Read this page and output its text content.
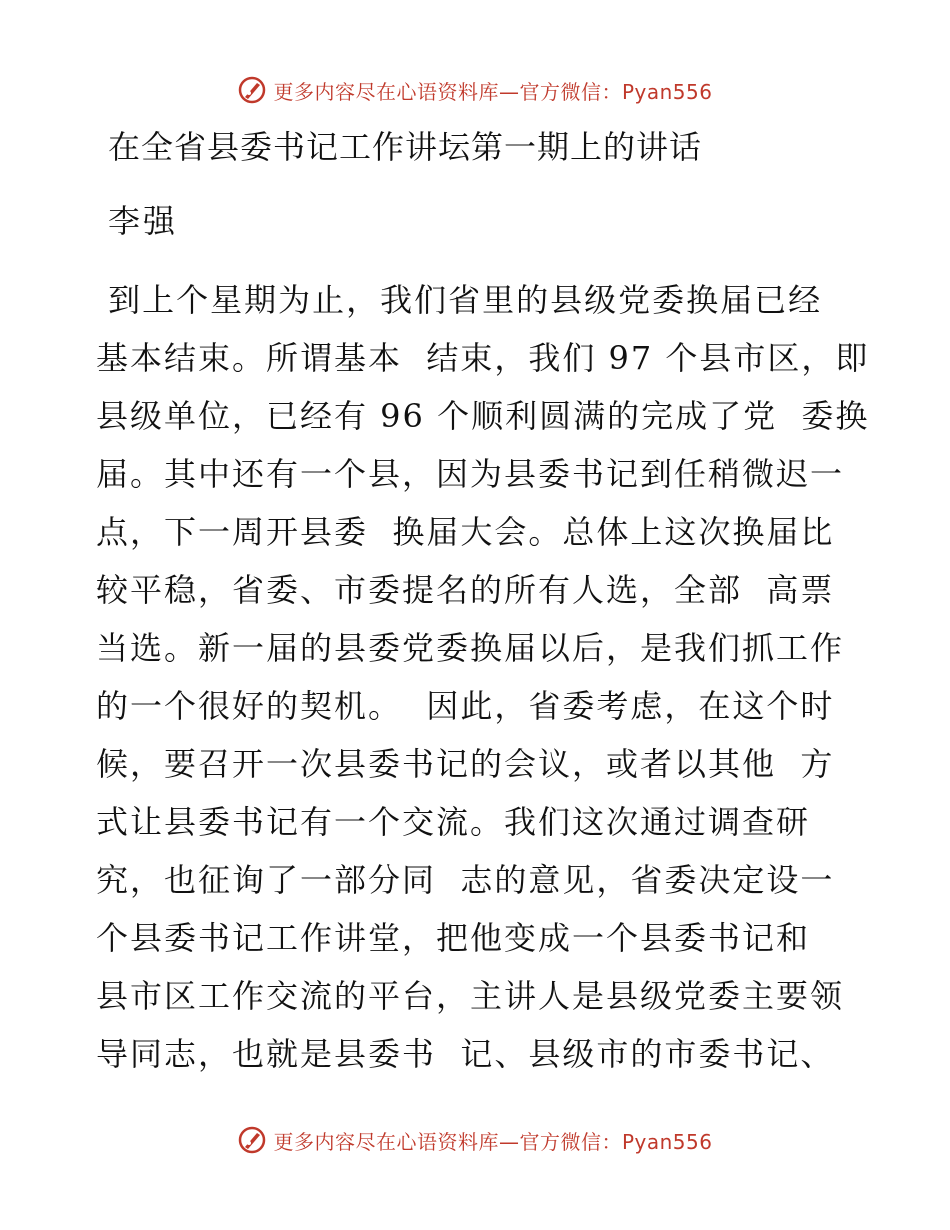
更多内容尽在心语资料库—官方微信：Pyan556
在全省县委书记工作讲坛第一期上的讲话
李强
到上个星期为止，我们省里的县级党委换届已经
基本结束。所谓基本  结束，我们 97 个县市区，即
县级单位，已经有 96 个顺利圆满的完成了党  委换
届。其中还有一个县，因为县委书记到任稍微迟一
点，下一周开县委  换届大会。总体上这次换届比
较平稳，省委、市委提名的所有人选，全部  高票
当选。新一届的县委党委换届以后，是我们抓工作
的一个很好的契机。  因此，省委考虑，在这个时
候，要召开一次县委书记的会议，或者以其他  方
式让县委书记有一个交流。我们这次通过调查研
究，也征询了一部分同  志的意见，省委决定设一
个县委书记工作讲堂，把他变成一个县委书记和
县市区工作交流的平台，主讲人是县级党委主要领
导同志，也就是县委书  记、县级市的市委书记、
更多内容尽在心语资料库—官方微信：Pyan556
